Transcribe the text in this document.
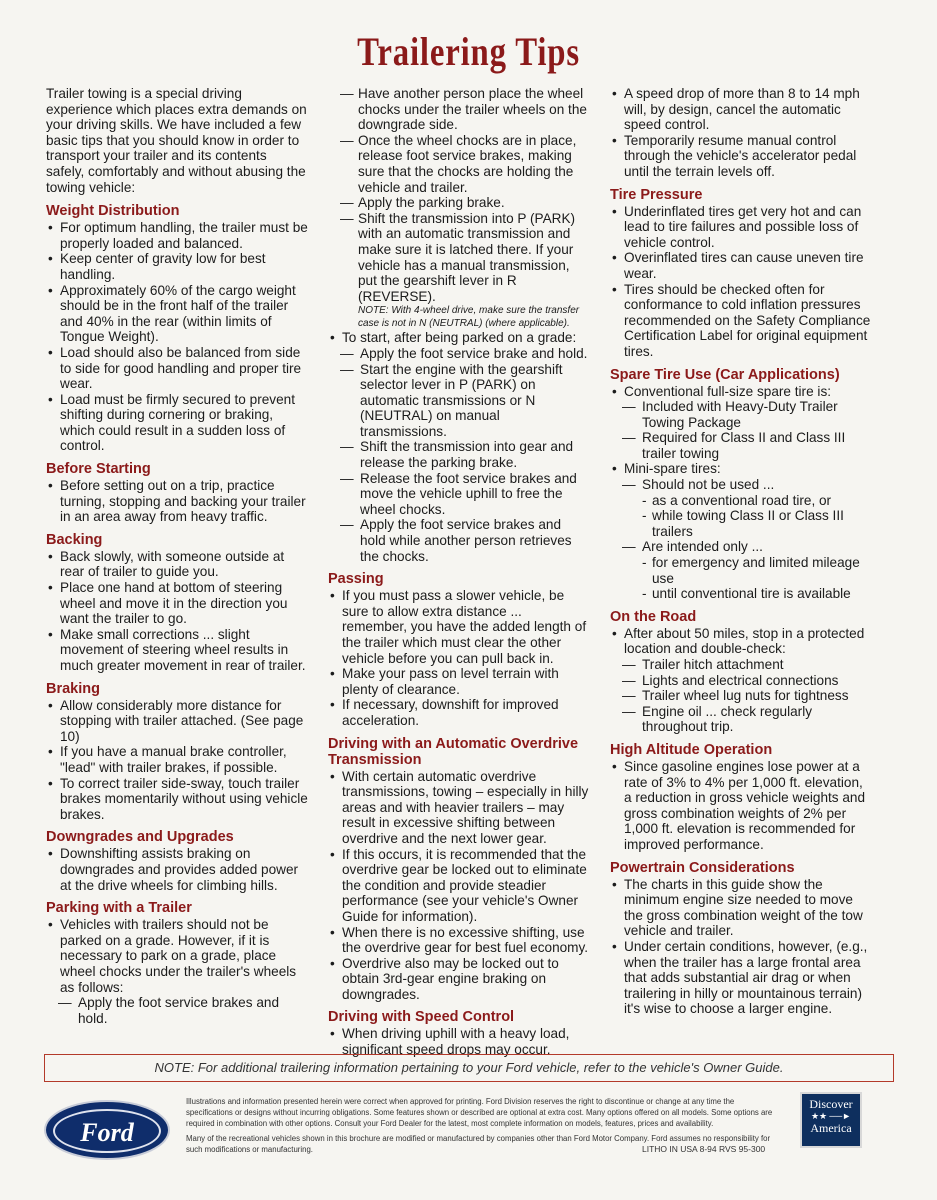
Trailering Tips

Trailer towing is a special driving experience which places extra demands on your driving skills. We have included a few basic tips that you should know in order to transport your trailer and its contents safely, comfortably and without abusing the towing vehicle:

Weight Distribution
• For optimum handling, the trailer must be properly loaded and balanced.
• Keep center of gravity low for best handling.
• Approximately 60% of the cargo weight should be in the front half of the trailer and 40% in the rear (within limits of Tongue Weight).
• Load should also be balanced from side to side for good handling and proper tire wear.
• Load must be firmly secured to prevent shifting during cornering or braking, which could result in a sudden loss of control.
Before Starting
• Before setting out on a trip, practice turning, stopping and backing your trailer in an area away from heavy traffic.
Backing
• Back slowly, with someone outside at rear of trailer to guide you.
• Place one hand at bottom of steering wheel and move it in the direction you want the trailer to go.
• Make small corrections ... slight movement of steering wheel results in much greater movement in rear of trailer.
Braking
• Allow considerably more distance for stopping with trailer attached. (See page 10)
• If you have a manual brake controller, "lead" with trailer brakes, if possible.
• To correct trailer side-sway, touch trailer brakes momentarily without using vehicle brakes.
Downgrades and Upgrades
• Downshifting assists braking on downgrades and provides added power at the drive wheels for climbing hills.
Parking with a Trailer
• Vehicles with trailers should not be parked on a grade. However, if it is necessary to park on a grade, place wheel chocks under the trailer's wheels as follows:
— Apply the foot service brakes and hold.
— Have another person place the wheel chocks under the trailer wheels on the downgrade side.
— Once the wheel chocks are in place, release foot service brakes, making sure that the chocks are holding the vehicle and trailer.
— Apply the parking brake.
— Shift the transmission into P (PARK) with an automatic transmission and make sure it is latched there. If your vehicle has a manual transmission, put the gearshift lever in R (REVERSE).
NOTE: With 4-wheel drive, make sure the transfer case is not in N (NEUTRAL) (where applicable).
• To start, after being parked on a grade:
— Apply the foot service brake and hold.
— Start the engine with the gearshift selector lever in P (PARK) on automatic transmissions or N (NEUTRAL) on manual transmissions.
— Shift the transmission into gear and release the parking brake.
— Release the foot service brakes and move the vehicle uphill to free the wheel chocks.
— Apply the foot service brakes and hold while another person retrieves the chocks.
Passing
• If you must pass a slower vehicle, be sure to allow extra distance ... remember, you have the added length of the trailer which must clear the other vehicle before you can pull back in.
• Make your pass on level terrain with plenty of clearance.
• If necessary, downshift for improved acceleration.
Driving with an Automatic Overdrive Transmission
• With certain automatic overdrive transmissions, towing – especially in hilly areas and with heavier trailers – may result in excessive shifting between overdrive and the next lower gear.
• If this occurs, it is recommended that the overdrive gear be locked out to eliminate the condition and provide steadier performance (see your vehicle's Owner Guide for information).
• When there is no excessive shifting, use the overdrive gear for best fuel economy.
• Overdrive also may be locked out to obtain 3rd-gear engine braking on downgrades.
Driving with Speed Control
• When driving uphill with a heavy load, significant speed drops may occur.
• A speed drop of more than 8 to 14 mph will, by design, cancel the automatic speed control.
• Temporarily resume manual control through the vehicle's accelerator pedal until the terrain levels off.
Tire Pressure
• Underinflated tires get very hot and can lead to tire failures and possible loss of vehicle control.
• Overinflated tires can cause uneven tire wear.
• Tires should be checked often for conformance to cold inflation pressures recommended on the Safety Compliance Certification Label for original equipment tires.
Spare Tire Use (Car Applications)
• Conventional full-size spare tire is:
— Included with Heavy-Duty Trailer Towing Package
— Required for Class II and Class III trailer towing
• Mini-spare tires:
— Should not be used ...
- as a conventional road tire, or
- while towing Class II or Class III trailers
— Are intended only ...
- for emergency and limited mileage use
- until conventional tire is available
On the Road
• After about 50 miles, stop in a protected location and double-check:
— Trailer hitch attachment
— Lights and electrical connections
— Trailer wheel lug nuts for tightness
— Engine oil ... check regularly throughout trip.
High Altitude Operation
• Since gasoline engines lose power at a rate of 3% to 4% per 1,000 ft. elevation, a reduction in gross vehicle weights and gross combination weights of 2% per 1,000 ft. elevation is recommended for improved performance.
Powertrain Considerations
• The charts in this guide show the minimum engine size needed to move the gross combination weight of the tow vehicle and trailer.
• Under certain conditions, however, (e.g., when the trailer has a large frontal area that adds substantial air drag or when trailering in hilly or mountainous terrain) it's wise to choose a larger engine.
NOTE: For additional trailering information pertaining to your Ford vehicle, refer to the vehicle's Owner Guide.
Ford

Illustrations and information presented herein were correct when approved for printing. Ford Division reserves the right to discontinue or change at any time the specifications or designs without incurring obligations. Some features shown or described are optional at extra cost. Many options offered on all models. Some options are required in combination with other options. Consult your Ford Dealer for the latest, most complete information on models, features, prices and availability.

Many of the recreational vehicles shown in this brochure are modified or manufactured by companies other than Ford Motor Company. Ford assumes no responsibility for such modifications or manufacturing.	LITHO IN USA 8-94 RVS 95-300
Discover
★★ ──►
America
